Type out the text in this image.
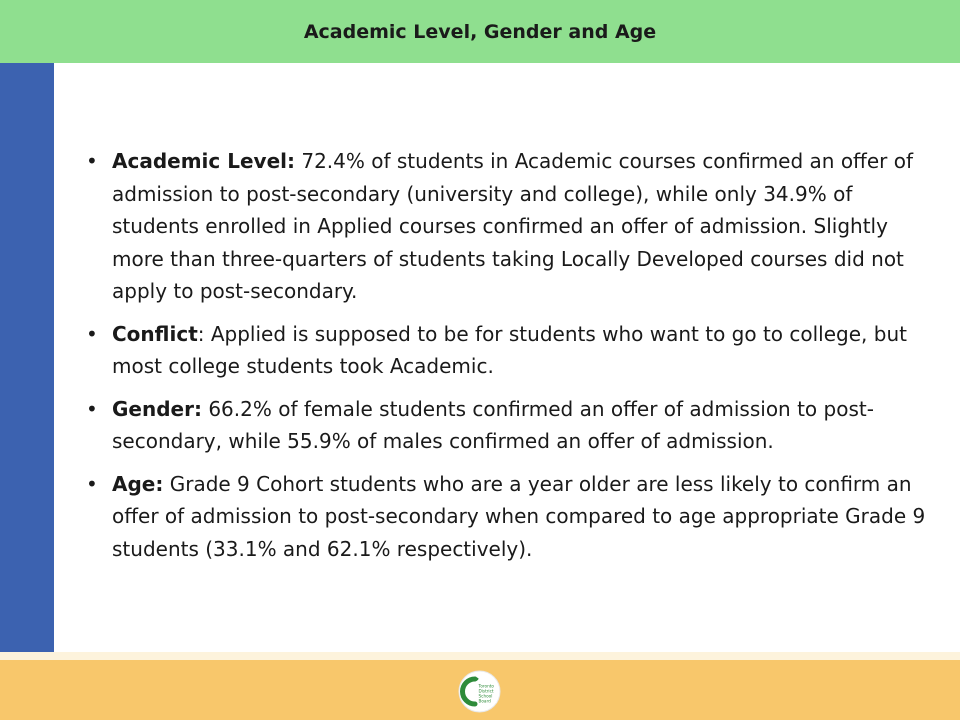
Academic Level, Gender and Age
• Academic Level: 72.4% of students in Academic courses confirmed an offer of admission to post-secondary (university and college), while only 34.9% of students enrolled in Applied courses confirmed an offer of admission. Slightly more than three-quarters of students taking Locally Developed courses did not apply to post-secondary.
• Conflict: Applied is supposed to be for students who want to go to college, but most college students took Academic.
• Gender: 66.2% of female students confirmed an offer of admission to post-secondary, while 55.9% of males confirmed an offer of admission.
• Age: Grade 9 Cohort students who are a year older are less likely to confirm an offer of admission to post-secondary when compared to age appropriate Grade 9 students (33.1% and 62.1% respectively).
Toronto
District
School
Board
